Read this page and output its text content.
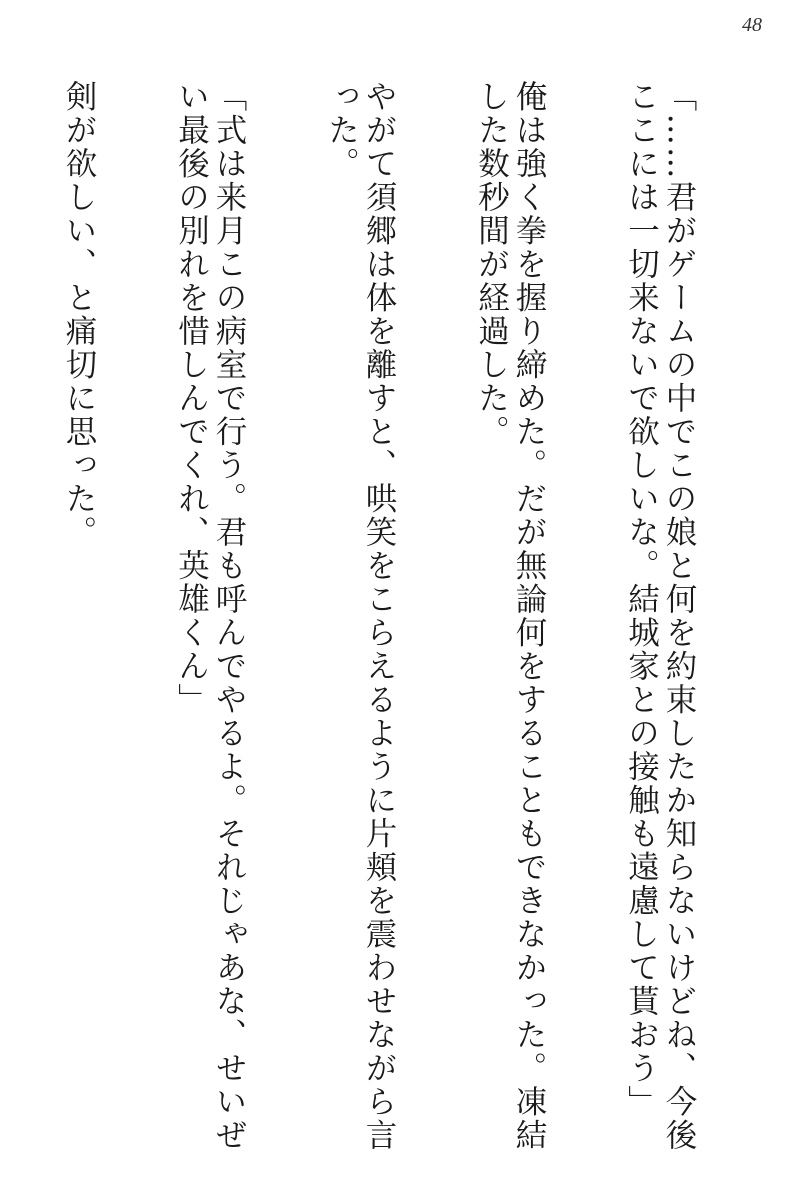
48

「……君がゲームの中でこの娘と何を約束したか知らないけどね、今後ここには一切来ないで欲しいな。結城家との接触も遠慮して貰おう」

俺は強く拳を握り締めた。だが無論何をすることもできなかった。凍結した数秒間が経過した。

やがて須郷は体を離すと、哄笑をこらえるように片頬を震わせながら言った。

「式は来月この病室で行う。君も呼んでやるよ。それじゃあな、せいぜい最後の別れを惜しんでくれ、英雄くん」

剣が欲しい、と痛切に思った。
